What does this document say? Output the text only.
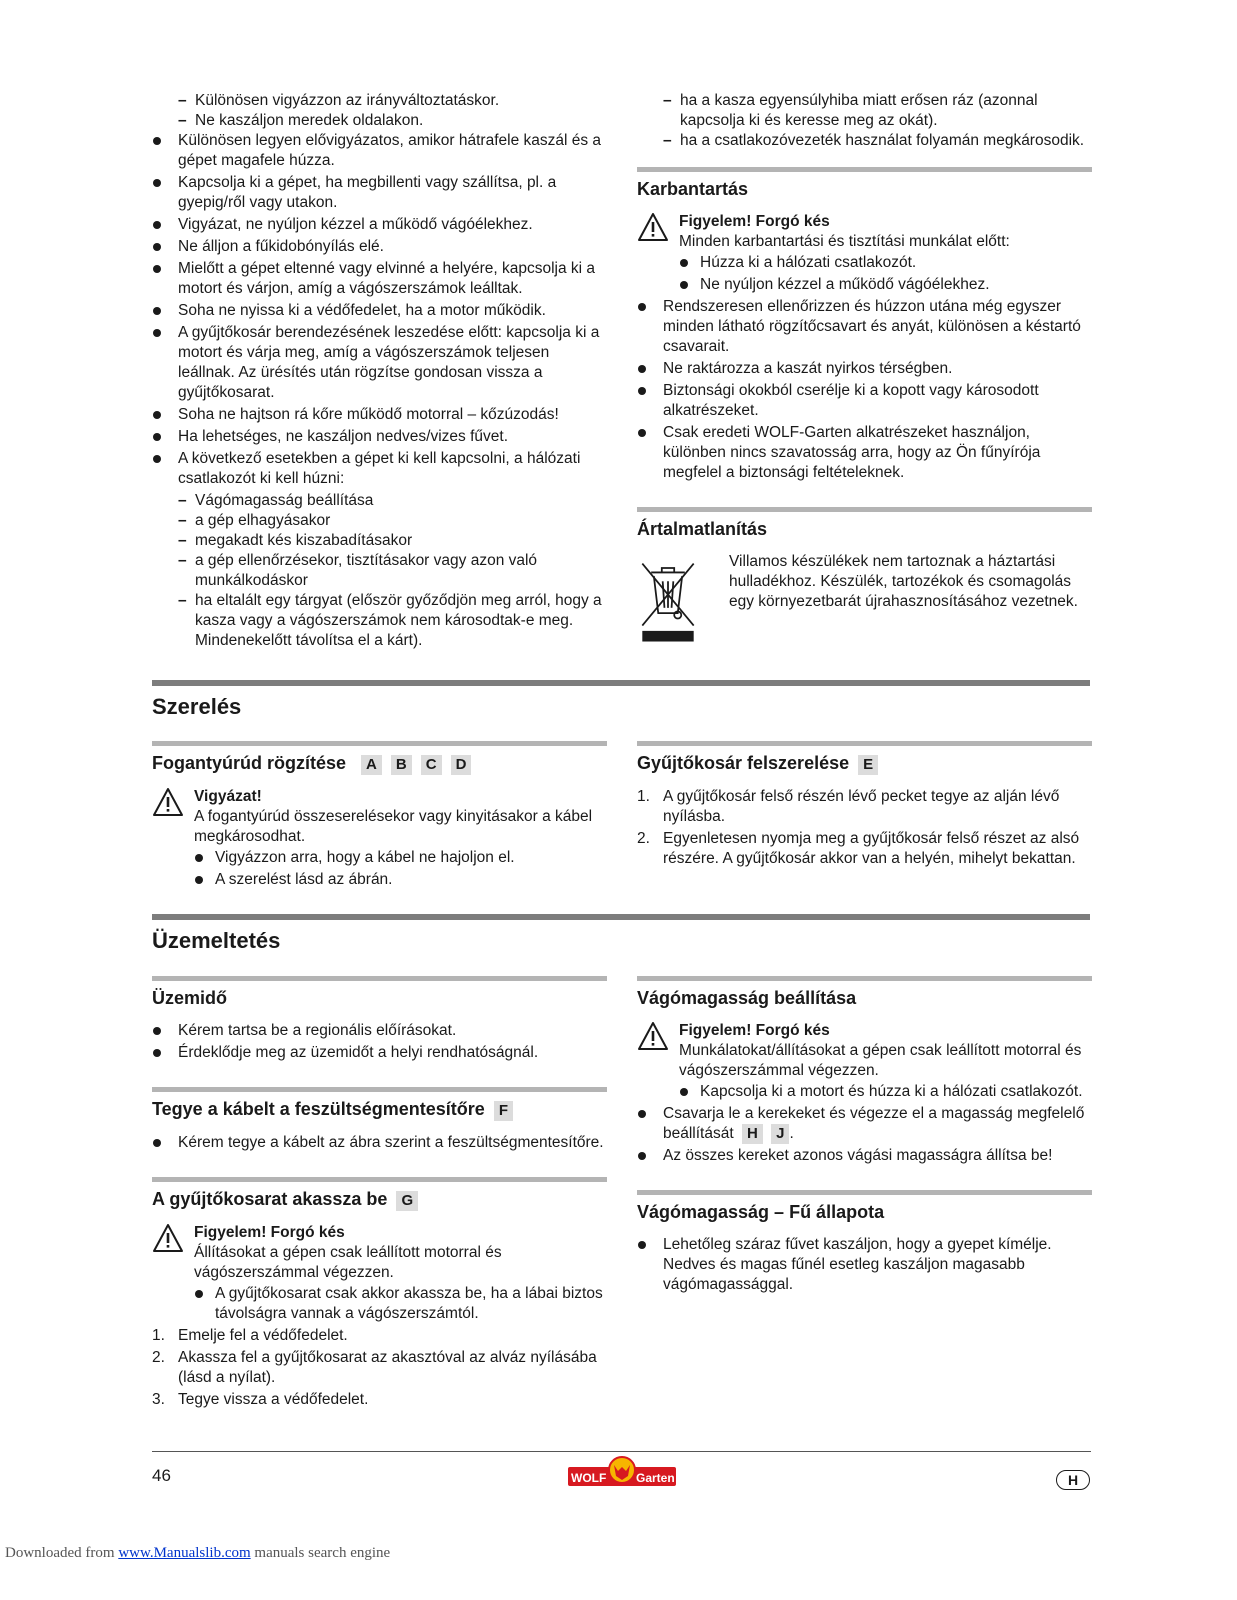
– Különösen vigyázzon az irányváltoztatáskor.
– Ne kaszáljon meredek oldalakon.
Különösen legyen elővigyázatos, amikor hátrafele kaszál és a gépet magafele húzza.
Kapcsolja ki a gépet, ha megbillenti vagy szállítsa, pl. a gyepig/ről vagy utakon.
Vigyázat, ne nyúljon kézzel a működő vágóélekhez.
Ne álljon a fűkidobónyílás elé.
Mielőtt a gépet eltenné vagy elvinné a helyére, kapcsolja ki a motort és várjon, amíg a vágószerszámok leálltak.
Soha ne nyissa ki a védőfedelet, ha a motor működik.
A gyűjtőkosár berendezésének leszedése előtt: kapcsolja ki a motort és várja meg, amíg a vágószerszámok teljesen leállnak. Az ürésítés után rögzítse gondosan vissza a gyűjtőkosarat.
Soha ne hajtson rá kőre működő motorral – kőzúzodás!
Ha lehetséges, ne kaszáljon nedves/vizes fűvet.
A következő esetekben a gépet ki kell kapcsolni, a hálózati csatlakozót ki kell húzni:
– Vágómagasság beállítása
– a gép elhagyásakor
– megakadt kés kiszabadításakor
– a gép ellenőrzésekor, tisztításakor vagy azon való munkálkodáskor
– ha eltalált egy tárgyat (először győződjön meg arról, hogy a kasza vagy a vágószerszámok nem károsodtak-e meg. Mindenekelőtt távolítsa el a kárt).
– ha a kasza egyensúlyhiba miatt erősen ráz (azonnal kapcsolja ki és keresse meg az okát).
– ha a csatlakozóvezeték használat folyamán megkárosodik.
Karbantartás
Figyelem! Forgó kés
Minden karbantartási és tisztítási munkálat előtt:
Húzza ki a hálózati csatlakozót.
Ne nyúljon kézzel a működő vágóélekhez.
Rendszeresen ellenőrizzen és húzzon utána még egyszer minden látható rögzítőcsavart és anyát, különösen a késtartó csavarait.
Ne raktározza a kaszát nyirkos térségben.
Biztonsági okokból cserélje ki a kopott vagy károsodott alkatrészeket.
Csak eredeti WOLF-Garten alkatrészeket használjon, különben nincs szavatosság arra, hogy az Ön fűnyírója megfelel a biztonsági feltételeknek.
Ártalmatlanítás
Villamos készülékek nem tartoznak a háztartási hulladékhoz. Készülék, tartozékok és csomagolás egy környezetbarát újrahasznosításához vezetnek.
Szerelés
Fogantyúrúd rögzítése A B C D
Vigyázat!
A fogantyúrúd összeserelésekor vagy kinyitásakor a kábel megkárosodhat.
Vigyázzon arra, hogy a kábel ne hajoljon el.
A szerelést lásd az ábrán.
Gyűjtőkosár felszerelése E
1. A gyűjtőkosár felső részén lévő pecket tegye az alján lévő nyílásba.
2. Egyenletesen nyomja meg a gyűjtőkosár felső részet az alsó részére. A gyűjtőkosár akkor van a helyén, mihelyt bekattan.
Üzemeltetés
Üzemidő
Kérem tartsa be a regionális előírásokat.
Érdeklődje meg az üzemidőt a helyi rendhatóságnál.
Tegye a kábelt a feszültségmentesítőre F
Kérem tegye a kábelt az ábra szerint a feszültségmentesítőre.
A gyűjtőkosarat akassza be G
Figyelem! Forgó kés
Állításokat a gépen csak leállított motorral és vágószerszámmal végezzen.
A gyűjtőkosarat csak akkor akassza be, ha a lábai biztos távolságra vannak a vágószerszámtól.
1. Emelje fel a védőfedelet.
2. Akassza fel a gyűjtőkosarat az akasztóval az alváz nyílásába (lásd a nyílat).
3. Tegye vissza a védőfedelet.
Vágómagasság beállítása
Figyelem! Forgó kés
Munkálatokat/állításokat a gépen csak leállított motorral és vágószerszámmal végezzen.
Kapcsolja ki a motort és húzza ki a hálózati csatlakozót.
Csavarja le a kerekeket és végezze el a magasság megfelelő beállítását H J .
Az összes kereket azonos vágási magasságra állítsa be!
Vágómagasság – Fű állapota
Lehetőleg száraz fűvet kaszáljon, hogy a gyepet kímélje. Nedves és magas fűnél esetleg kaszáljon magasabb vágómagassággal.
46	WOLF Garten	H
Downloaded from www.Manualslib.com manuals search engine
